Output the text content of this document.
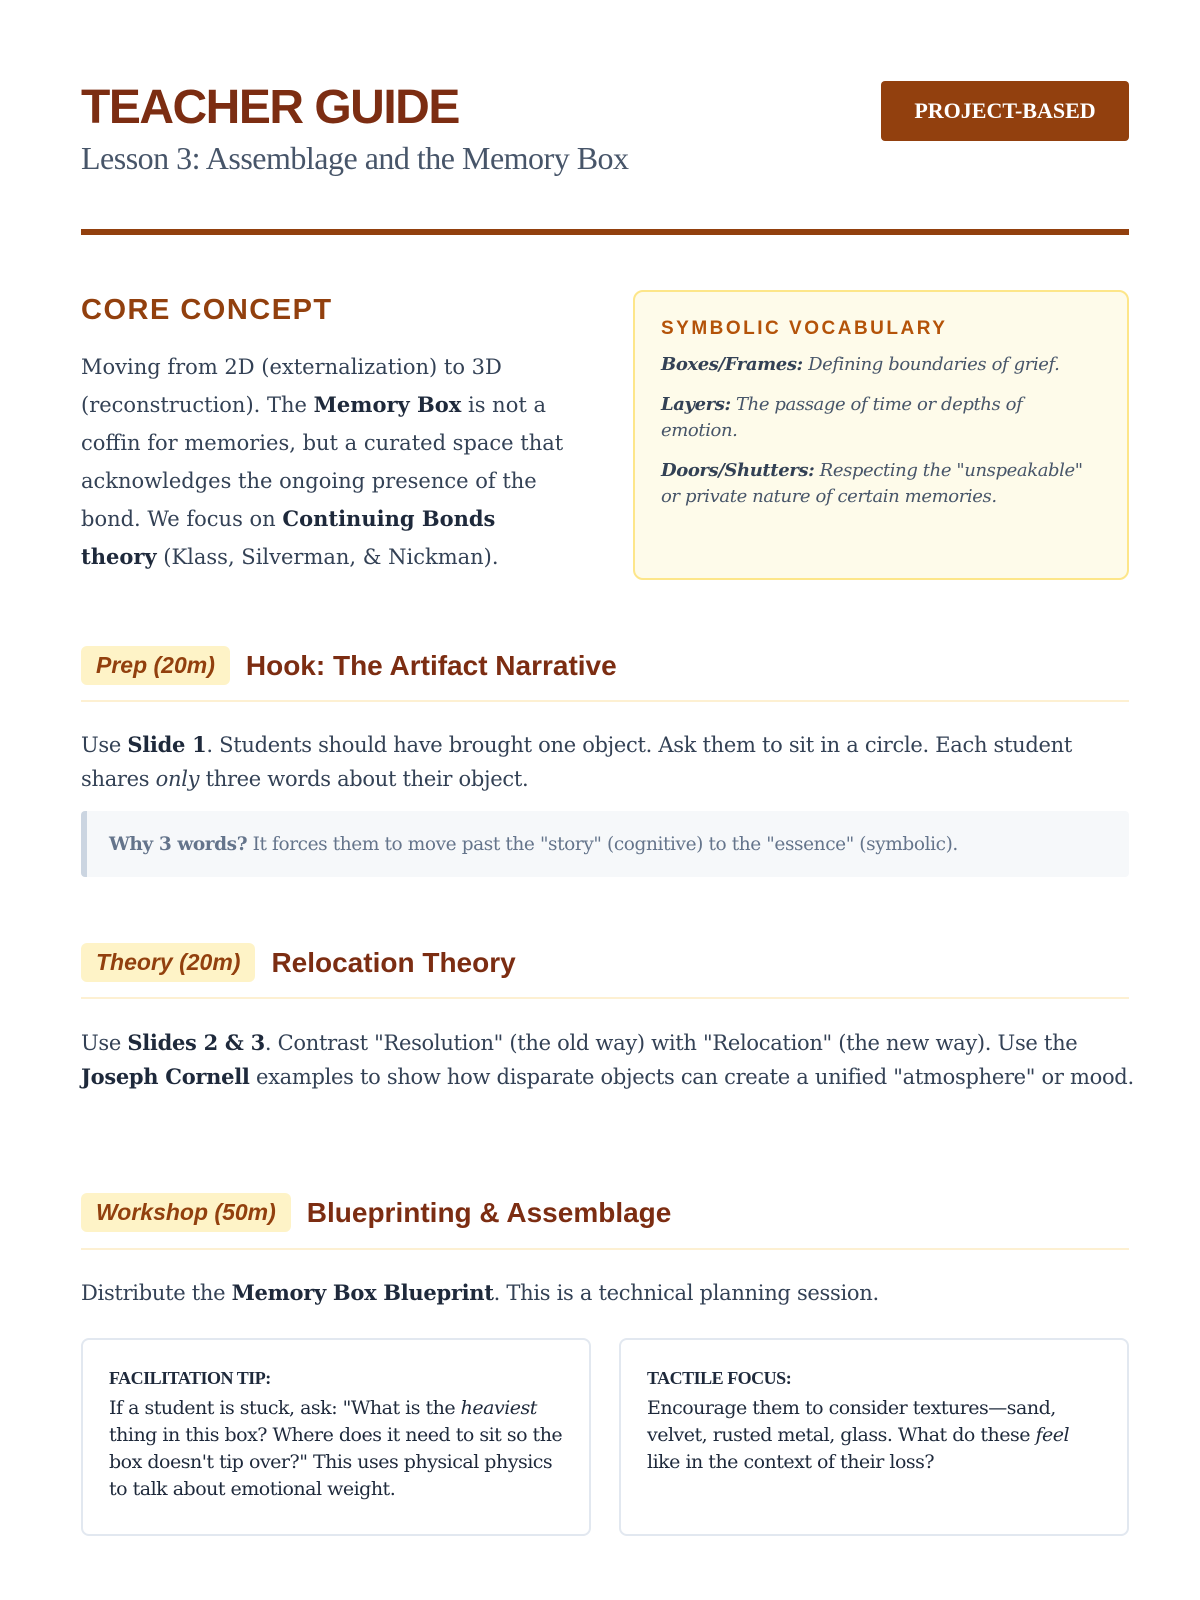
TEACHER GUIDE
Lesson 3: Assemblage and the Memory Box
PROJECT-BASED
CORE CONCEPT

Moving from 2D (externalization) to 3D (reconstruction). The Memory Box is not a coffin for memories, but a curated space that acknowledges the ongoing presence of the bond. We focus on Continuing Bonds theory (Klass, Silverman, & Nickman).

SYMBOLIC VOCABULARY

Boxes/Frames: Defining boundaries of grief.

Layers: The passage of time or depths of emotion.

Doors/Shutters: Respecting the "unspeakable" or private nature of certain memories.

Prep (20m)	Hook: The Artifact Narrative

Use Slide 1. Students should have brought one object. Ask them to sit in a circle. Each student shares only three words about their object.

Why 3 words? It forces them to move past the "story" (cognitive) to the "essence" (symbolic).
Theory (20m)	Relocation Theory

Use Slides 2 & 3. Contrast "Resolution" (the old way) with "Relocation" (the new way). Use the Joseph Cornell examples to show how disparate objects can create a unified "atmosphere" or mood.

Workshop (50m)	Blueprinting & Assemblage

Distribute the Memory Box Blueprint. This is a technical planning session.

FACILITATION TIP:

If a student is stuck, ask: "What is the heaviest thing in this box? Where does it need to sit so the box doesn't tip over?" This uses physical physics to talk about emotional weight.

TACTILE FOCUS:

Encourage them to consider textures—sand, velvet, rusted metal, glass. What do these feel like in the context of their loss?
